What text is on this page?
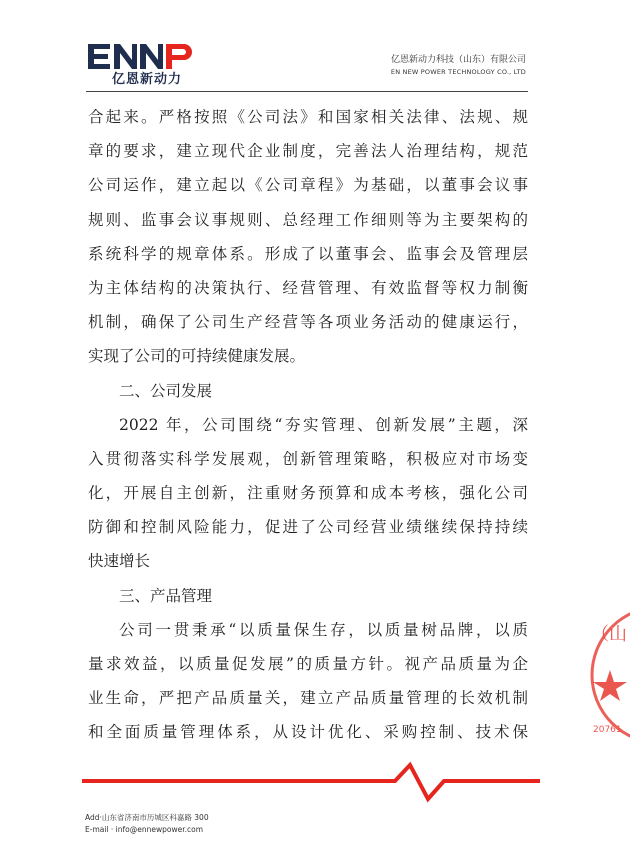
亿恩新动力
亿恩新动力科技（山东）有限公司
EN NEW POWER TECHNOLOGY CO., LTD
合起来。严格按照《公司法》和国家相关法律、法规、规
章的要求，建立现代企业制度，完善法人治理结构，规范
公司运作，建立起以《公司章程》为基础，以董事会议事
规则、监事会议事规则、总经理工作细则等为主要架构的
系统科学的规章体系。形成了以董事会、监事会及管理层
为主体结构的决策执行、经营管理、有效监督等权力制衡
机制，确保了公司生产经营等各项业务活动的健康运行，
实现了公司的可持续健康发展。
二、公司发展
2022 年，公司围绕“夯实管理、创新发展”主题，深
入贯彻落实科学发展观，创新管理策略，积极应对市场变
化，开展自主创新，注重财务预算和成本考核，强化公司
防御和控制风险能力，促进了公司经营业绩继续保持持续
快速增长
三、产品管理
公司一贯秉承“以质量保生存，以质量树品牌，以质
量求效益，以质量促发展”的质量方针。视产品质量为企
业生命，严把产品质量关，建立产品质量管理的长效机制
和全面质量管理体系，从设计优化、采购控制、技术保
（山
20761
Add·山东省济南市历城区科嘉路 300
E-mail · info@ennewpower.com
